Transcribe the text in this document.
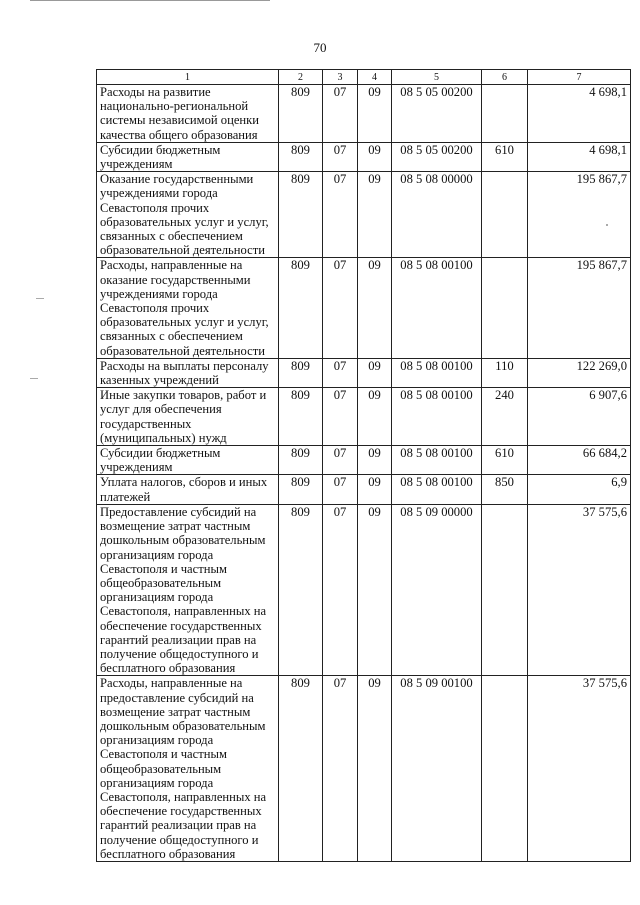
70
1	2	3	4	5	6	7
Расходы на развитие национально-региональной системы независимой оценки качества общего образования	809	07	09	08 5 05 00200		4 698,1
Субсидии бюджетным учреждениям	809	07	09	08 5 05 00200	610	4 698,1
Оказание государственными учреждениями города Севастополя прочих образовательных услуг и услуг, связанных с обеспечением образовательной деятельности	809	07	09	08 5 08 00000		195 867,7
Расходы, направленные на оказание государственными учреждениями города Севастополя прочих образовательных услуг и услуг, связанных с обеспечением образовательной деятельности	809	07	09	08 5 08 00100		195 867,7
Расходы на выплаты персоналу казенных учреждений	809	07	09	08 5 08 00100	110	122 269,0
Иные закупки товаров, работ и услуг для обеспечения государственных (муниципальных) нужд	809	07	09	08 5 08 00100	240	6 907,6
Субсидии бюджетным учреждениям	809	07	09	08 5 08 00100	610	66 684,2
Уплата налогов, сборов и иных платежей	809	07	09	08 5 08 00100	850	6,9
Предоставление субсидий на возмещение затрат частным дошкольным образовательным организациям города Севастополя и частным общеобразовательным организациям города Севастополя, направленных на обеспечение государственных гарантий реализации прав на получение общедоступного и бесплатного образования	809	07	09	08 5 09 00000		37 575,6
Расходы, направленные на предоставление субсидий на возмещение затрат частным дошкольным образовательным организациям города Севастополя и частным общеобразовательным организациям города Севастополя, направленных на обеспечение государственных гарантий реализации прав на получение общедоступного и бесплатного образования	809	07	09	08 5 09 00100		37 575,6
